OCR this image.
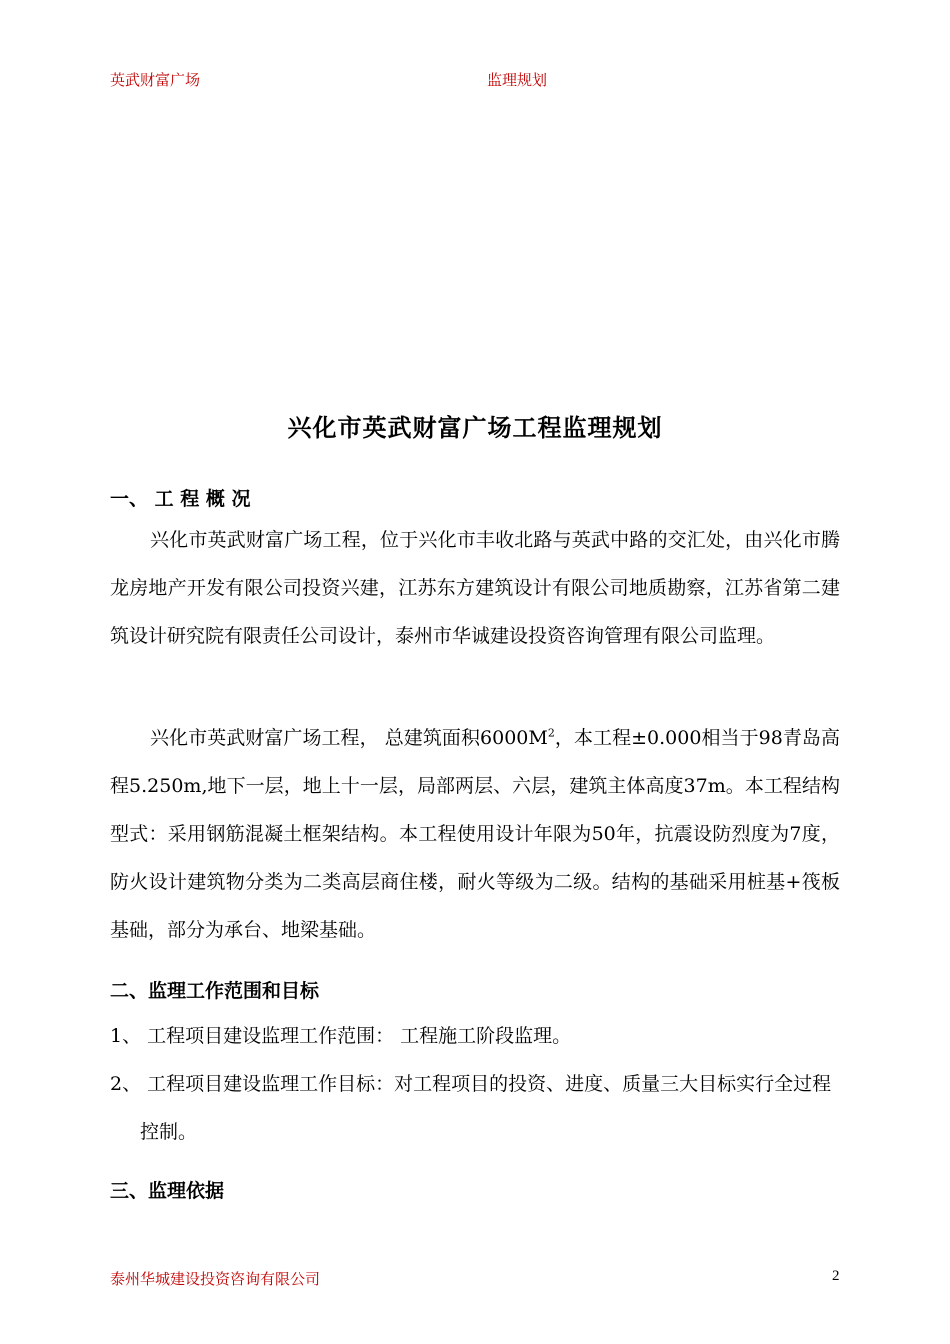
英武财富广场	监理规划
兴化市英武财富广场工程监理规划
一、 工 程 概 况

兴化市英武财富广场工程，位于兴化市丰收北路与英武中路的交汇处，由兴化市腾龙房地产开发有限公司投资兴建，江苏东方建筑设计有限公司地质勘察，江苏省第二建筑设计研究院有限责任公司设计，泰州市华诚建设投资咨询管理有限公司监理。

兴化市英武财富广场工程， 总建筑面积$6000M^2$，本工程±0.000相当于98青岛高程5.250m,地下一层，地上十一层，局部两层、六层，建筑主体高度37m。本工程结构型式：采用钢筋混凝土框架结构。本工程使用设计年限为50年，抗震设防烈度为7度，防火设计建筑物分类为二类高层商住楼，耐火等级为二级。结构的基础采用桩基+筏板基础，部分为承台、地梁基础。

二、监理工作范围和目标

1、 工程项目建设监理工作范围： 工程施工阶段监理。

2、 工程项目建设监理工作目标：对工程项目的投资、进度、质量三大目标实行全过程控制。

三、监理依据
泰州华城建设投资咨询有限公司	2
